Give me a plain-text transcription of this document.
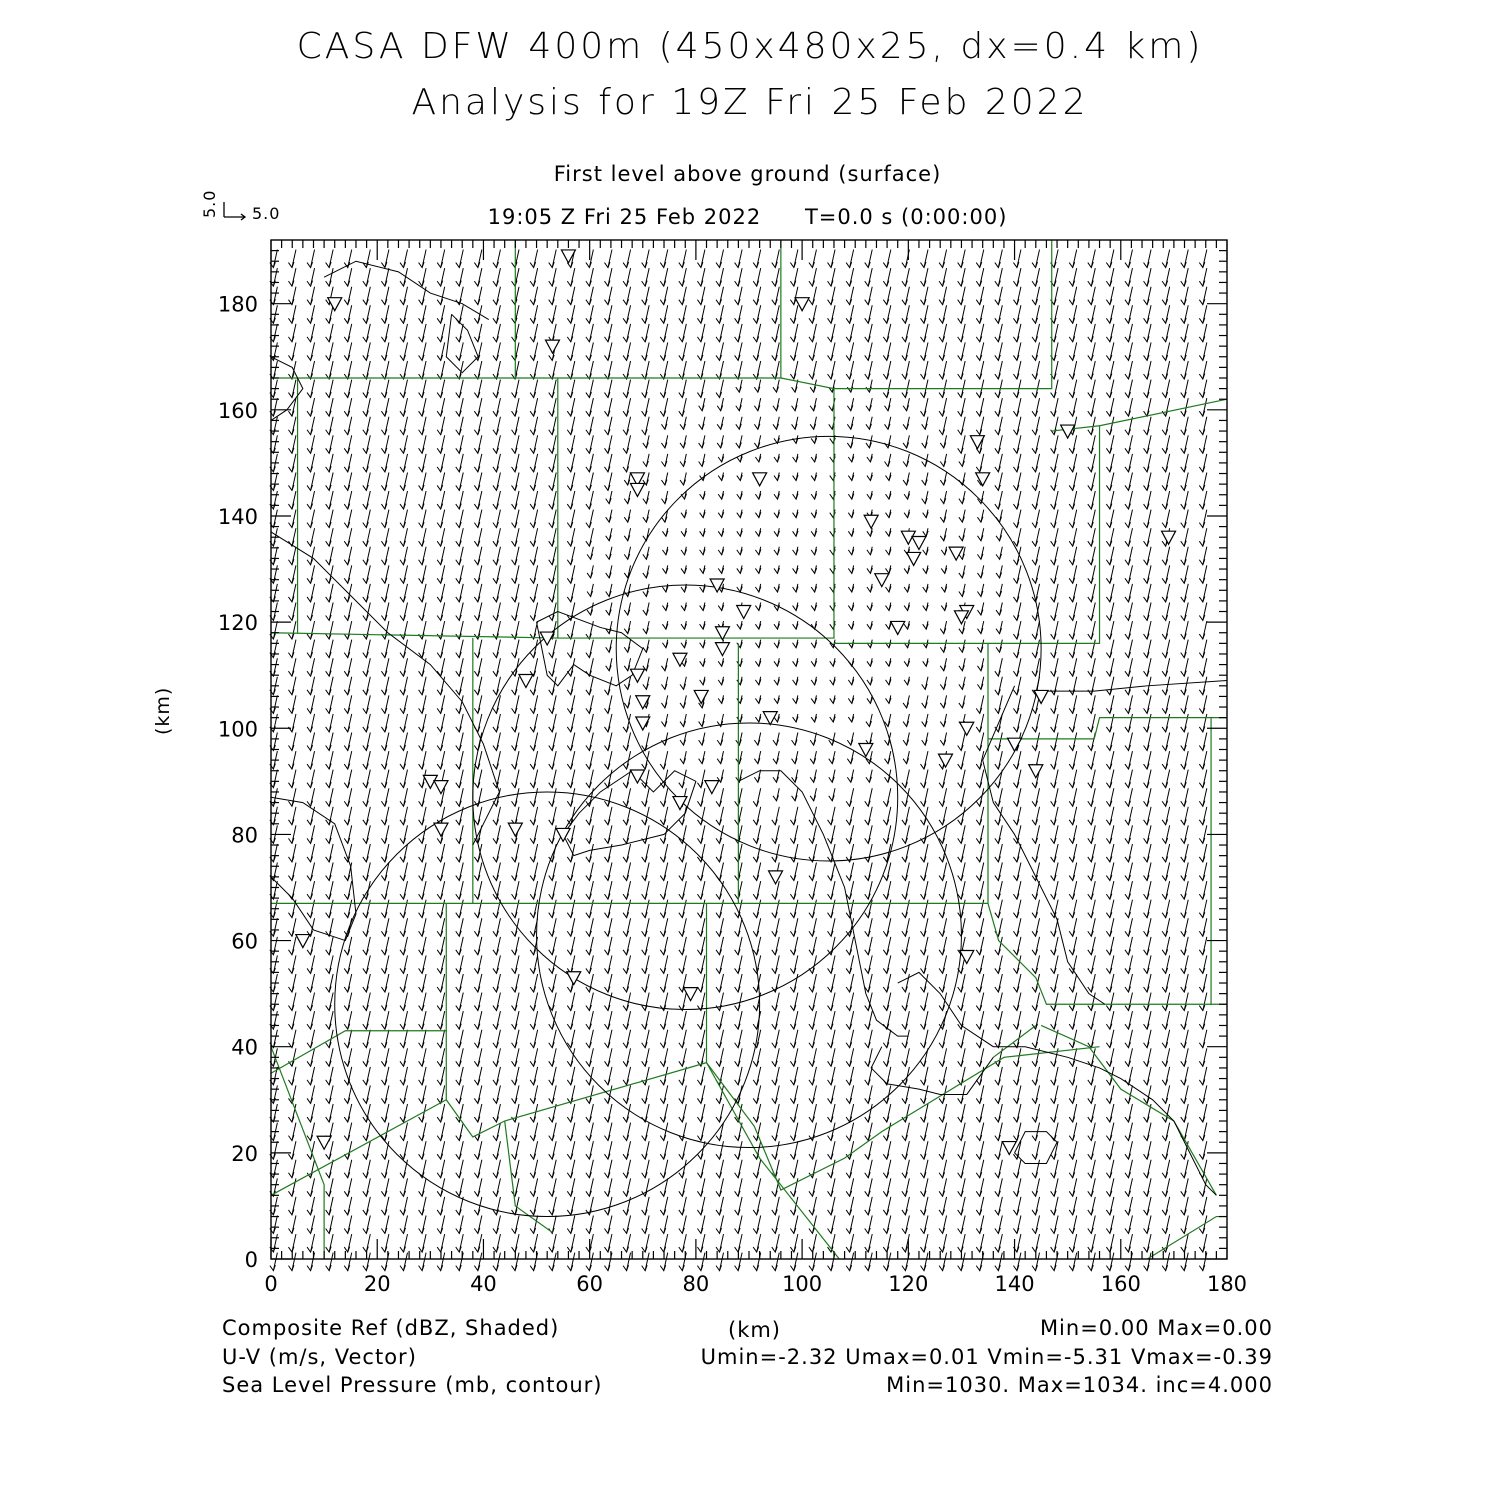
0	20	40	60	80	100	120	140	160	180
0
20
40
60
80
100
120
140
160
180
CASA DFW 400m (450x480x25, dx=0.4 km)
Analysis for 19Z Fri 25 Feb 2022
First level above ground (surface)
19:05 Z Fri 25 Feb 2022 T=0.0 s (0:00:00)
5.0
5.0
(km)
(km)
Composite Ref (dBZ, Shaded)
U-V (m/s, Vector)
Sea Level Pressure (mb, contour)
Min=0.00 Max=0.00
Umin=-2.32 Umax=0.01 Vmin=-5.31 Vmax=-0.39
Min=1030. Max=1034. inc=4.000
